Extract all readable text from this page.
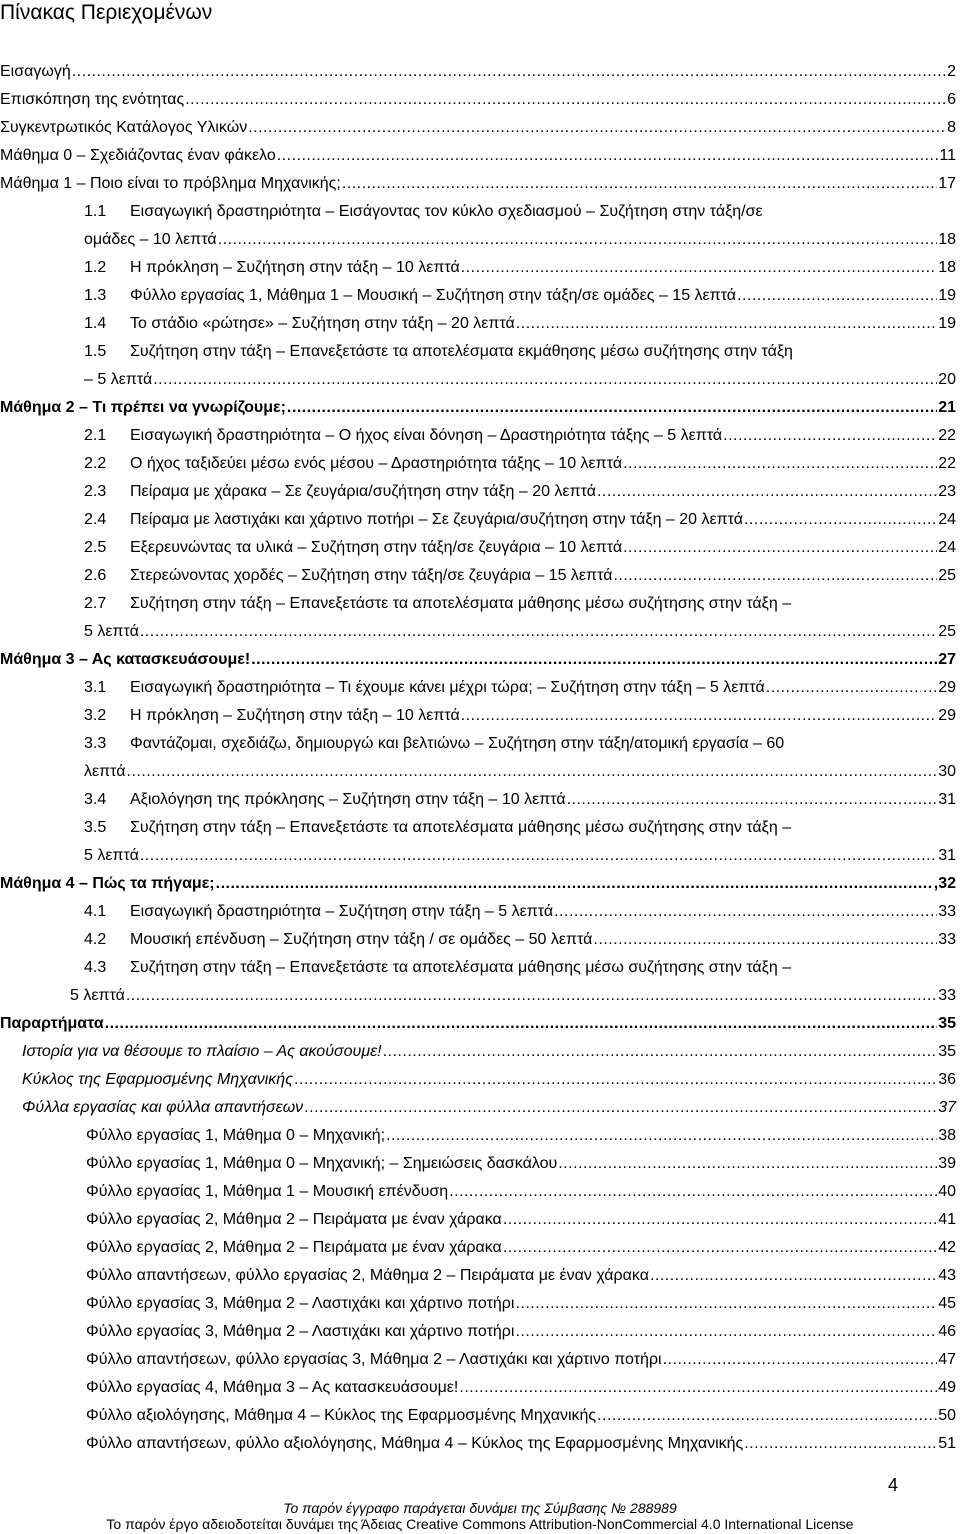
Πίνακας Περιεχομένων
Εισαγωγή .....	2
Επισκόπηση της ενότητας .....	6
Συγκεντρωτικός Κατάλογος Υλικών .....	8
Μάθημα 0 – Σχεδιάζοντας έναν φάκελο .....	11
Μάθημα 1 – Ποιο είναι το πρόβλημα Μηχανικής; .....	17
1.1	Εισαγωγική δραστηριότητα – Εισάγοντας τον κύκλο σχεδιασμού – Συζήτηση στην τάξη/σε
ομάδες – 10 λεπτά .....	18
1.2	Η πρόκληση – Συζήτηση στην τάξη – 10 λεπτά .....	18
1.3	Φύλλο εργασίας 1, Μάθημα 1 – Μουσική – Συζήτηση στην τάξη/σε ομάδες – 15 λεπτά .....	19
1.4	Το στάδιο «ρώτησε» – Συζήτηση στην τάξη – 20 λεπτά .....	19
1.5	Συζήτηση στην τάξη – Επανεξετάστε τα αποτελέσματα εκμάθησης μέσω συζήτησης στην τάξη
– 5 λεπτά .....	20
Μάθημα 2 – Τι πρέπει να γνωρίζουμε; .....	21
2.1	Εισαγωγική δραστηριότητα – Ο ήχος είναι δόνηση – Δραστηριότητα τάξης – 5 λεπτά .....	22
2.2	Ο ήχος ταξιδεύει μέσω ενός μέσου – Δραστηριότητα τάξης – 10 λεπτά .....	22
2.3	Πείραμα με χάρακα – Σε ζευγάρια/συζήτηση στην τάξη – 20 λεπτά .....	23
2.4	Πείραμα με λαστιχάκι και χάρτινο ποτήρι – Σε ζευγάρια/συζήτηση στην τάξη – 20 λεπτά .....	24
2.5	Εξερευνώντας τα υλικά – Συζήτηση στην τάξη/σε ζευγάρια – 10 λεπτά .....	24
2.6	Στερεώνοντας χορδές – Συζήτηση στην τάξη/σε ζευγάρια – 15 λεπτά .....	25
2.7	Συζήτηση στην τάξη – Επανεξετάστε τα αποτελέσματα μάθησης μέσω συζήτησης στην τάξη –
5 λεπτά .....	25
Μάθημα 3 – Ας κατασκευάσουμε! .....	27
3.1	Εισαγωγική δραστηριότητα – Τι έχουμε κάνει μέχρι τώρα; – Συζήτηση στην τάξη – 5 λεπτά .....	…29
3.2	Η πρόκληση – Συζήτηση στην τάξη – 10 λεπτά .....	29
3.3	Φαντάζομαι, σχεδιάζω, δημιουργώ και βελτιώνω – Συζήτηση στην τάξη/ατομική εργασία – 60
λεπτά .....	30
3.4	Αξιολόγηση της πρόκλησης – Συζήτηση στην τάξη – 10 λεπτά .....	31
3.5	Συζήτηση στην τάξη – Επανεξετάστε τα αποτελέσματα μάθησης μέσω συζήτησης στην τάξη –
5 λεπτά .....	31
Μάθημα 4 – Πώς τα πήγαμε; .....	,32
4.1	Εισαγωγική δραστηριότητα – Συζήτηση στην τάξη – 5 λεπτά .....	33
4.2	Μουσική επένδυση – Συζήτηση στην τάξη / σε ομάδες – 50 λεπτά .....	33
4.3	Συζήτηση στην τάξη – Επανεξετάστε τα αποτελέσματα μάθησης μέσω συζήτησης στην τάξη –
5 λεπτά .....	33
Παραρτήματα .....	35
Ιστορία για να θέσουμε το πλαίσιο – Ας ακούσουμε! .....	35
Κύκλος της Εφαρμοσμένης Μηχανικής .....	36
Φύλλα εργασίας και φύλλα απαντήσεων .....	37
Φύλλο εργασίας 1, Μάθημα 0 – Μηχανική; .....	38
Φύλλο εργασίας 1, Μάθημα 0 – Μηχανική; – Σημειώσεις δασκάλου .....	39
Φύλλο εργασίας 1, Μάθημα 1 – Μουσική επένδυση .....	40
Φύλλο εργασίας 2, Μάθημα 2 – Πειράματα με έναν χάρακα .....	41
Φύλλο εργασίας 2, Μάθημα 2 – Πειράματα με έναν χάρακα .....	42
Φύλλο απαντήσεων, φύλλο εργασίας 2, Μάθημα 2 – Πειράματα με έναν χάρακα .....	43
Φύλλο εργασίας 3, Μάθημα 2 – Λαστιχάκι και χάρτινο ποτήρι .....	45
Φύλλο εργασίας 3, Μάθημα 2 – Λαστιχάκι και χάρτινο ποτήρι .....	46
Φύλλο απαντήσεων, φύλλο εργασίας 3, Μάθημα 2 – Λαστιχάκι και χάρτινο ποτήρι .....	47
Φύλλο εργασίας 4, Μάθημα 3 – Ας κατασκευάσουμε! .....	49
Φύλλο αξιολόγησης, Μάθημα 4 – Κύκλος της Εφαρμοσμένης Μηχανικής .....	50
Φύλλο απαντήσεων, φύλλο αξιολόγησης, Μάθημα 4 – Κύκλος της Εφαρμοσμένης Μηχανικής .....	51
4
Το παρόν έγγραφο παράγεται δυνάμει της Σύμβασης № 288989
Το παρόν έργο αδειοδοτείται δυνάμει της Άδειας Creative Commons Attribution-NonCommercial 4.0 International License
